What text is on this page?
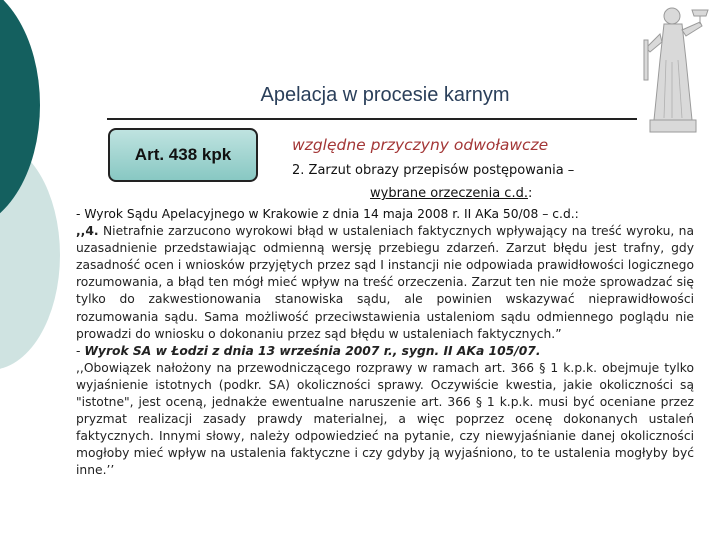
Apelacja w procesie karnym
Art. 438 kpk	względne przyczyny odwoławcze
2. Zarzut obrazy przepisów postępowania –
wybrane orzeczenia c.d.:

- Wyrok Sądu Apelacyjnego w Krakowie z dnia 14 maja 2008 r. II AKa 50/08 – c.d.:

,,4. Nietrafnie zarzucono wyrokowi błąd w ustaleniach faktycznych wpływający na treść wyroku, na uzasadnienie przedstawiając odmienną wersję przebiegu zdarzeń. Zarzut błędu jest trafny, gdy zasadność ocen i wniosków przyjętych przez sąd I instancji nie odpowiada prawidłowości logicznego rozumowania, a błąd ten mógł mieć wpływ na treść orzeczenia. Zarzut ten nie może sprowadzać się tylko do zakwestionowania stanowiska sądu, ale powinien wskazywać nieprawidłowości rozumowania sądu. Sama możliwość przeciwstawienia ustaleniom sądu odmiennego poglądu nie prowadzi do wniosku o dokonaniu przez sąd błędu w ustaleniach faktycznych.”

- Wyrok SA w Łodzi z dnia 13 września 2007 r., sygn. II AKa 105/07.

,,Obowiązek nałożony na przewodniczącego rozprawy w ramach art. 366 § 1 k.p.k. obejmuje tylko wyjaśnienie istotnych (podkr. SA) okoliczności sprawy. Oczywiście kwestia, jakie okoliczności są "istotne", jest oceną, jednakże ewentualne naruszenie art. 366 § 1 k.p.k. musi być oceniane przez pryzmat realizacji zasady prawdy materialnej, a więc poprzez ocenę dokonanych ustaleń faktycznych. Innymi słowy, należy odpowiedzieć na pytanie, czy niewyjaśnianie danej okoliczności mogłoby mieć wpływ na ustalenia faktyczne i czy gdyby ją wyjaśniono, to te ustalenia mogłyby być inne.’’
